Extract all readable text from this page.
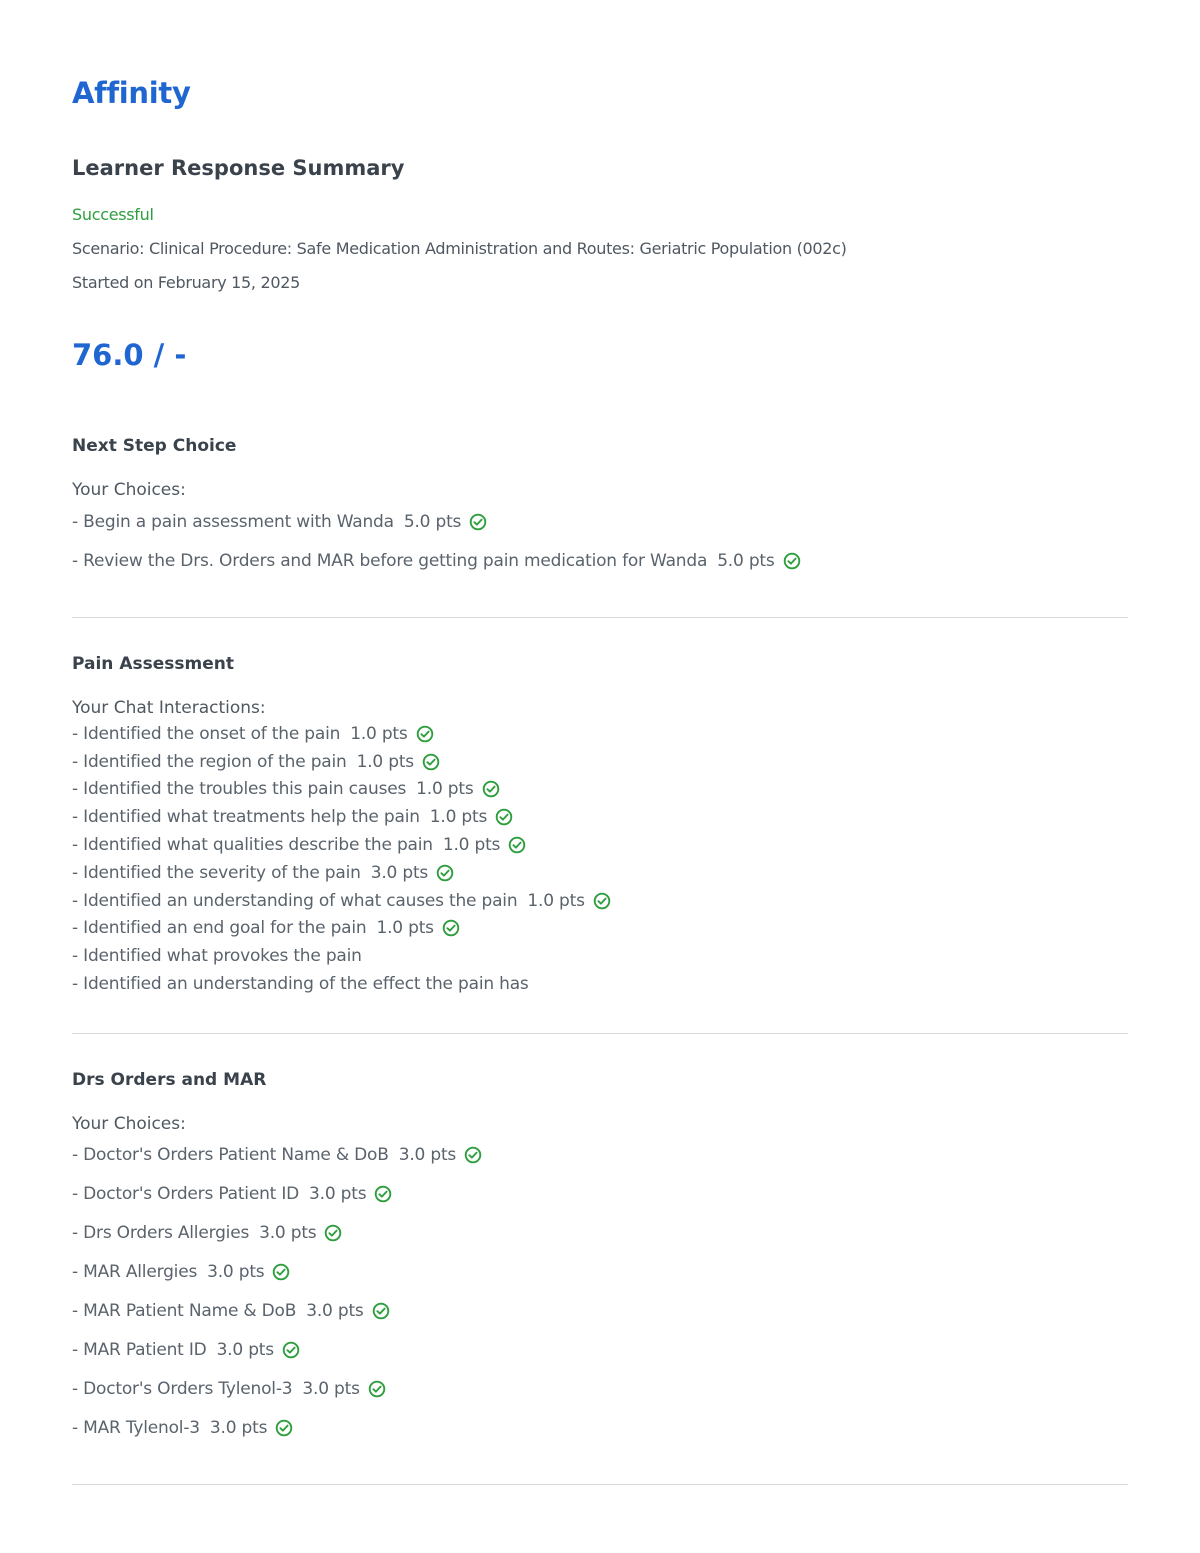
Affinity
Learner Response Summary
Successful
Scenario: Clinical Procedure: Safe Medication Administration and Routes: Geriatric Population (002c)
Started on February 15, 2025
76.0 / -
Next Step Choice
Your Choices:
- Begin a pain assessment with Wanda 5.0 pts
- Review the Drs. Orders and MAR before getting pain medication for Wanda 5.0 pts
Pain Assessment
Your Chat Interactions:
- Identified the onset of the pain 1.0 pts
- Identified the region of the pain 1.0 pts
- Identified the troubles this pain causes 1.0 pts
- Identified what treatments help the pain 1.0 pts
- Identified what qualities describe the pain 1.0 pts
- Identified the severity of the pain 3.0 pts
- Identified an understanding of what causes the pain 1.0 pts
- Identified an end goal for the pain 1.0 pts
- Identified what provokes the pain
- Identified an understanding of the effect the pain has
Drs Orders and MAR
Your Choices:
- Doctor's Orders Patient Name & DoB 3.0 pts
- Doctor's Orders Patient ID 3.0 pts
- Drs Orders Allergies 3.0 pts
- MAR Allergies 3.0 pts
- MAR Patient Name & DoB 3.0 pts
- MAR Patient ID 3.0 pts
- Doctor's Orders Tylenol-3 3.0 pts
- MAR Tylenol-3 3.0 pts
